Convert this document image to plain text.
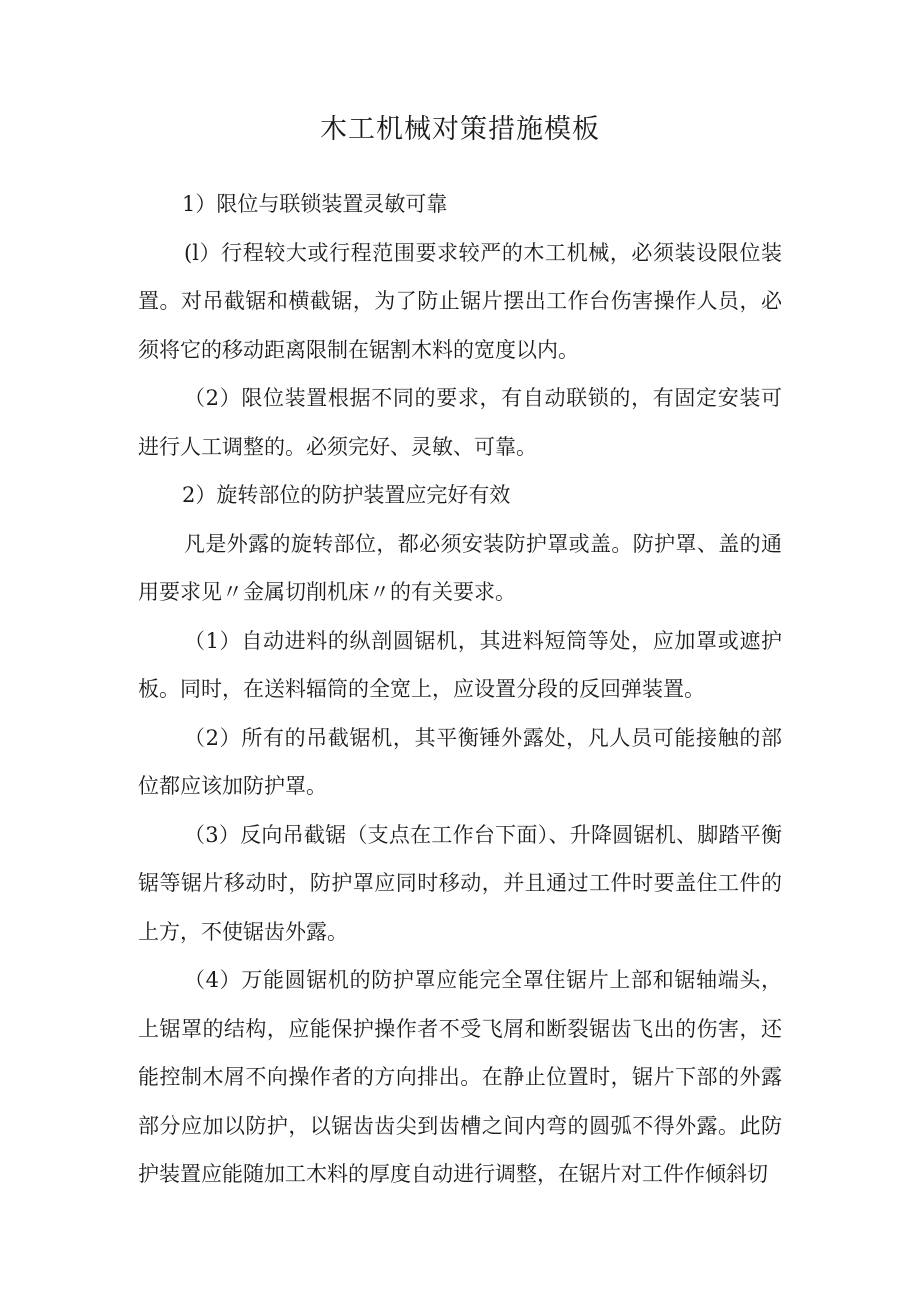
木工机械对策措施模板

1）限位与联锁装置灵敏可靠

(l）行程较大或行程范围要求较严的木工机械，必须装设限位装置。对吊截锯和横截锯，为了防止锯片摆出工作台伤害操作人员，必须将它的移动距离限制在锯割木料的宽度以内。

（2）限位装置根据不同的要求，有自动联锁的，有固定安装可进行人工调整的。必须完好、灵敏、可靠。

2）旋转部位的防护装置应完好有效

凡是外露的旋转部位，都必须安装防护罩或盖。防护罩、盖的通用要求见〃金属切削机床〃的有关要求。

（1）自动进料的纵剖圆锯机，其进料短筒等处，应加罩或遮护板。同时，在送料辐筒的全宽上，应设置分段的反回弹装置。

（2）所有的吊截锯机，其平衡锤外露处，凡人员可能接触的部位都应该加防护罩。

（3）反向吊截锯（支点在工作台下面）、升降圆锯机、脚踏平衡锯等锯片移动时，防护罩应同时移动，并且通过工件时要盖住工件的上方，不使锯齿外露。

（4）万能圆锯机的防护罩应能完全罩住锯片上部和锯轴端头，上锯罩的结构，应能保护操作者不受飞屑和断裂锯齿飞出的伤害，还能控制木屑不向操作者的方向排出。在静止位置时，锯片下部的外露部分应加以防护，以锯齿齿尖到齿槽之间内弯的圆弧不得外露。此防护装置应能随加工木料的厚度自动进行调整，在锯片对工件作倾斜切
